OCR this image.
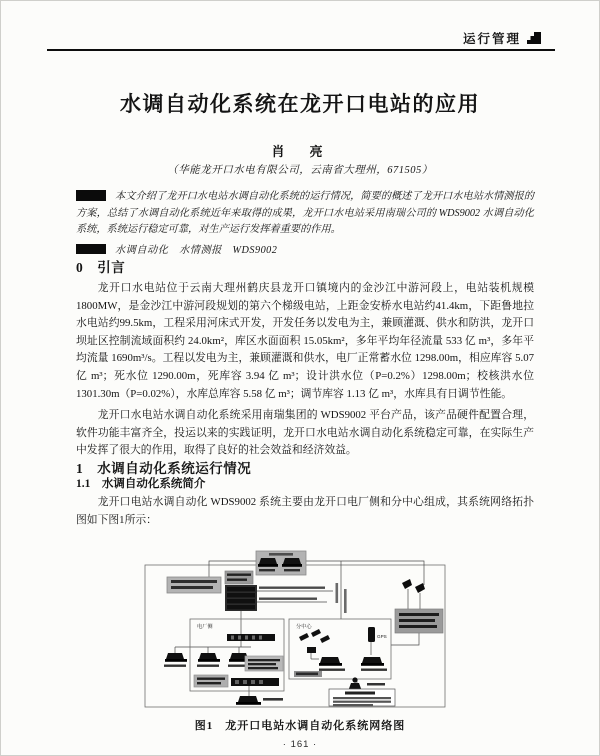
运行管理
水调自动化系统在龙开口电站的应用
肖　亮
（华能龙开口水电有限公司，云南省大理州，671505）

本文介绍了龙开口水电站水调自动化系统的运行情况，简要的概述了龙开口水电站水情测报的方案，总结了水调自动化系统近年来取得的成果，龙开口水电站采用南瑞公司的 WDS9002 水调自动化系统，系统运行稳定可靠，对生产运行发挥着重要的作用。

水调自动化　水情测报　WDS9002

0　引言

龙开口水电站位于云南大理州鹤庆县龙开口镇境内的金沙江中游河段上，电站装机规模1800MW，是金沙江中游河段规划的第六个梯级电站，上距金安桥水电站约41.4km，下距鲁地拉水电站约99.5km，工程采用河床式开发，开发任务以发电为主，兼顾灌溉、供水和防洪，龙开口坝址区控制流域面积约 24.0km²，库区水面面积 15.05km²，多年平均年径流量 533 亿 m³，多年平均流量 1690m³/s。工程以发电为主，兼顾灌溉和供水，电厂正常蓄水位 1298.00m，相应库容 5.07 亿 m³；死水位 1290.00m，死库容 3.94 亿 m³；设计洪水位（P=0.2%）1298.00m；校核洪水位 1301.30m（P=0.02%），水库总库容 5.58 亿 m³；调节库容 1.13 亿 m³，水库具有日调节性能。

龙开口水电站水调自动化系统采用南瑞集团的 WDS9002 平台产品，该产品硬件配置合理，软件功能丰富齐全，投运以来的实践证明，龙开口水电站水调自动化系统稳定可靠，在实际生产中发挥了很大的作用，取得了良好的社会效益和经济效益。

1　水调自动化系统运行情况

1.1　水调自动化系统简介

龙开口电站水调自动化 WDS9002 系统主要由龙开口电厂侧和分中心组成，其系统网络拓扑图如下图1所示：

电厂侧	分中心
GPS
图1　龙开口电站水调自动化系统网络图
· 161 ·
